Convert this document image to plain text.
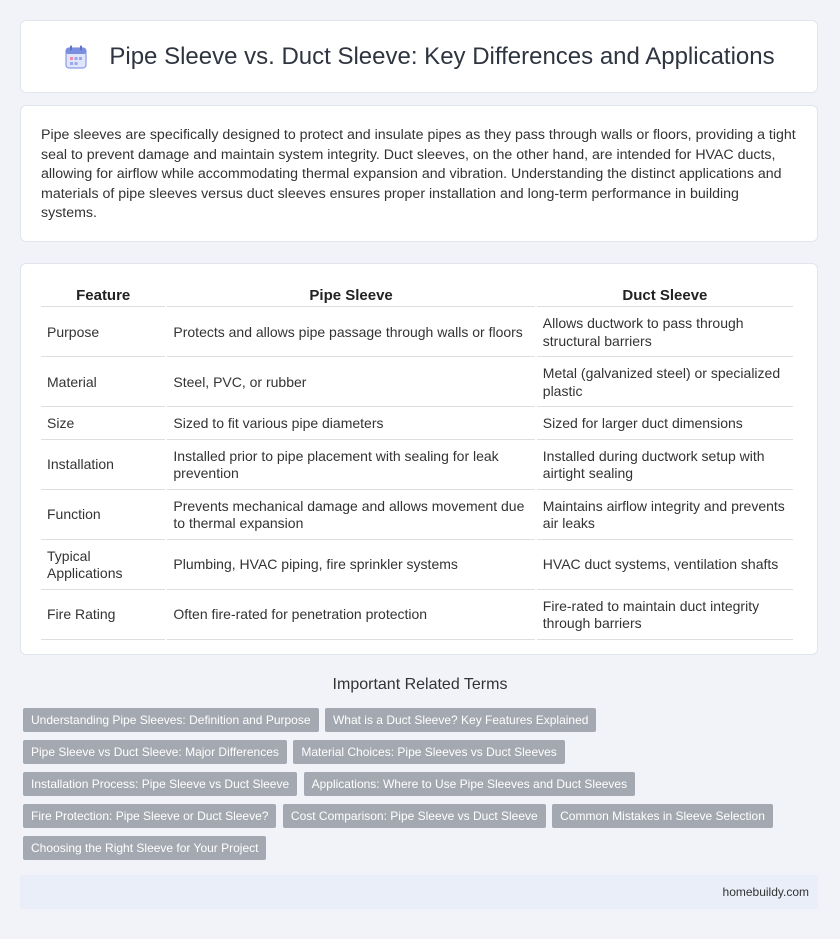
Pipe Sleeve vs. Duct Sleeve: Key Differences and Applications

Pipe sleeves are specifically designed to protect and insulate pipes as they pass through walls or floors, providing a tight seal to prevent damage and maintain system integrity. Duct sleeves, on the other hand, are intended for HVAC ducts, allowing for airflow while accommodating thermal expansion and vibration. Understanding the distinct applications and materials of pipe sleeves versus duct sleeves ensures proper installation and long-term performance in building systems.

Feature	Pipe Sleeve	Duct Sleeve
Purpose	Protects and allows pipe passage through walls or floors	Allows ductwork to pass through structural barriers
Material	Steel, PVC, or rubber	Metal (galvanized steel) or specialized plastic
Size	Sized to fit various pipe diameters	Sized for larger duct dimensions
Installation	Installed prior to pipe placement with sealing for leak prevention	Installed during ductwork setup with airtight sealing
Function	Prevents mechanical damage and allows movement due to thermal expansion	Maintains airflow integrity and prevents air leaks
Typical Applications	Plumbing, HVAC piping, fire sprinkler systems	HVAC duct systems, ventilation shafts
Fire Rating	Often fire-rated for penetration protection	Fire-rated to maintain duct integrity through barriers
Important Related Terms
Understanding Pipe Sleeves: Definition and Purpose What is a Duct Sleeve? Key Features Explained Pipe Sleeve vs Duct Sleeve: Major Differences Material Choices: Pipe Sleeves vs Duct Sleeves Installation Process: Pipe Sleeve vs Duct Sleeve Applications: Where to Use Pipe Sleeves and Duct Sleeves Fire Protection: Pipe Sleeve or Duct Sleeve? Cost Comparison: Pipe Sleeve vs Duct Sleeve Common Mistakes in Sleeve Selection Choosing the Right Sleeve for Your Project
homebuildy.com
